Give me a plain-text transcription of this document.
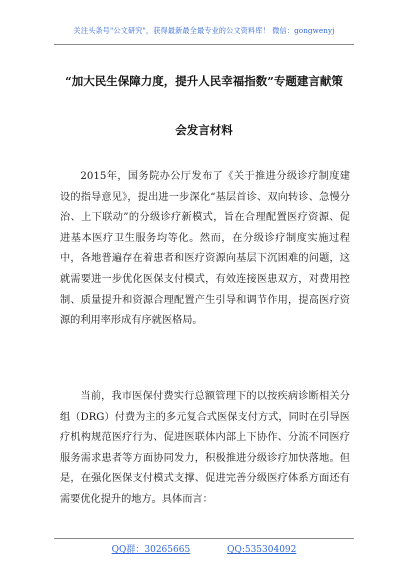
关注头条号"公文研究"，获得最新最全最专业的公文资料库！ 微信：gongwenyj
“加大民生保障力度，提升人民幸福指数”专题建言献策
会发言材料

2015年，国务院办公厅发布了《关于推进分级诊疗制度建设的指导意见》，提出进一步深化“基层首诊、双向转诊、急慢分治、上下联动”的分级诊疗新模式，旨在合理配置医疗资源、促进基本医疗卫生服务均等化。然而，在分级诊疗制度实施过程中，各地普遍存在着患者和医疗资源向基层下沉困难的问题，这就需要进一步优化医保支付模式，有效连接医患双方，对费用控制、质量提升和资源合理配置产生引导和调节作用，提高医疗资源的利用率形成有序就医格局。

当前，我市医保付费实行总额管理下的以按疾病诊断相关分组（DRG）付费为主的多元复合式医保支付方式，同时在引导医疗机构规范医疗行为、促进医联体内部上下协作、分流不同医疗服务需求患者等方面协同发力，积极推进分级诊疗加快落地。但是，在强化医保支付模式支撑、促进完善分级医疗体系方面还有需要优化提升的地方。具体而言：

QQ群：30265665	QQ:535304092
